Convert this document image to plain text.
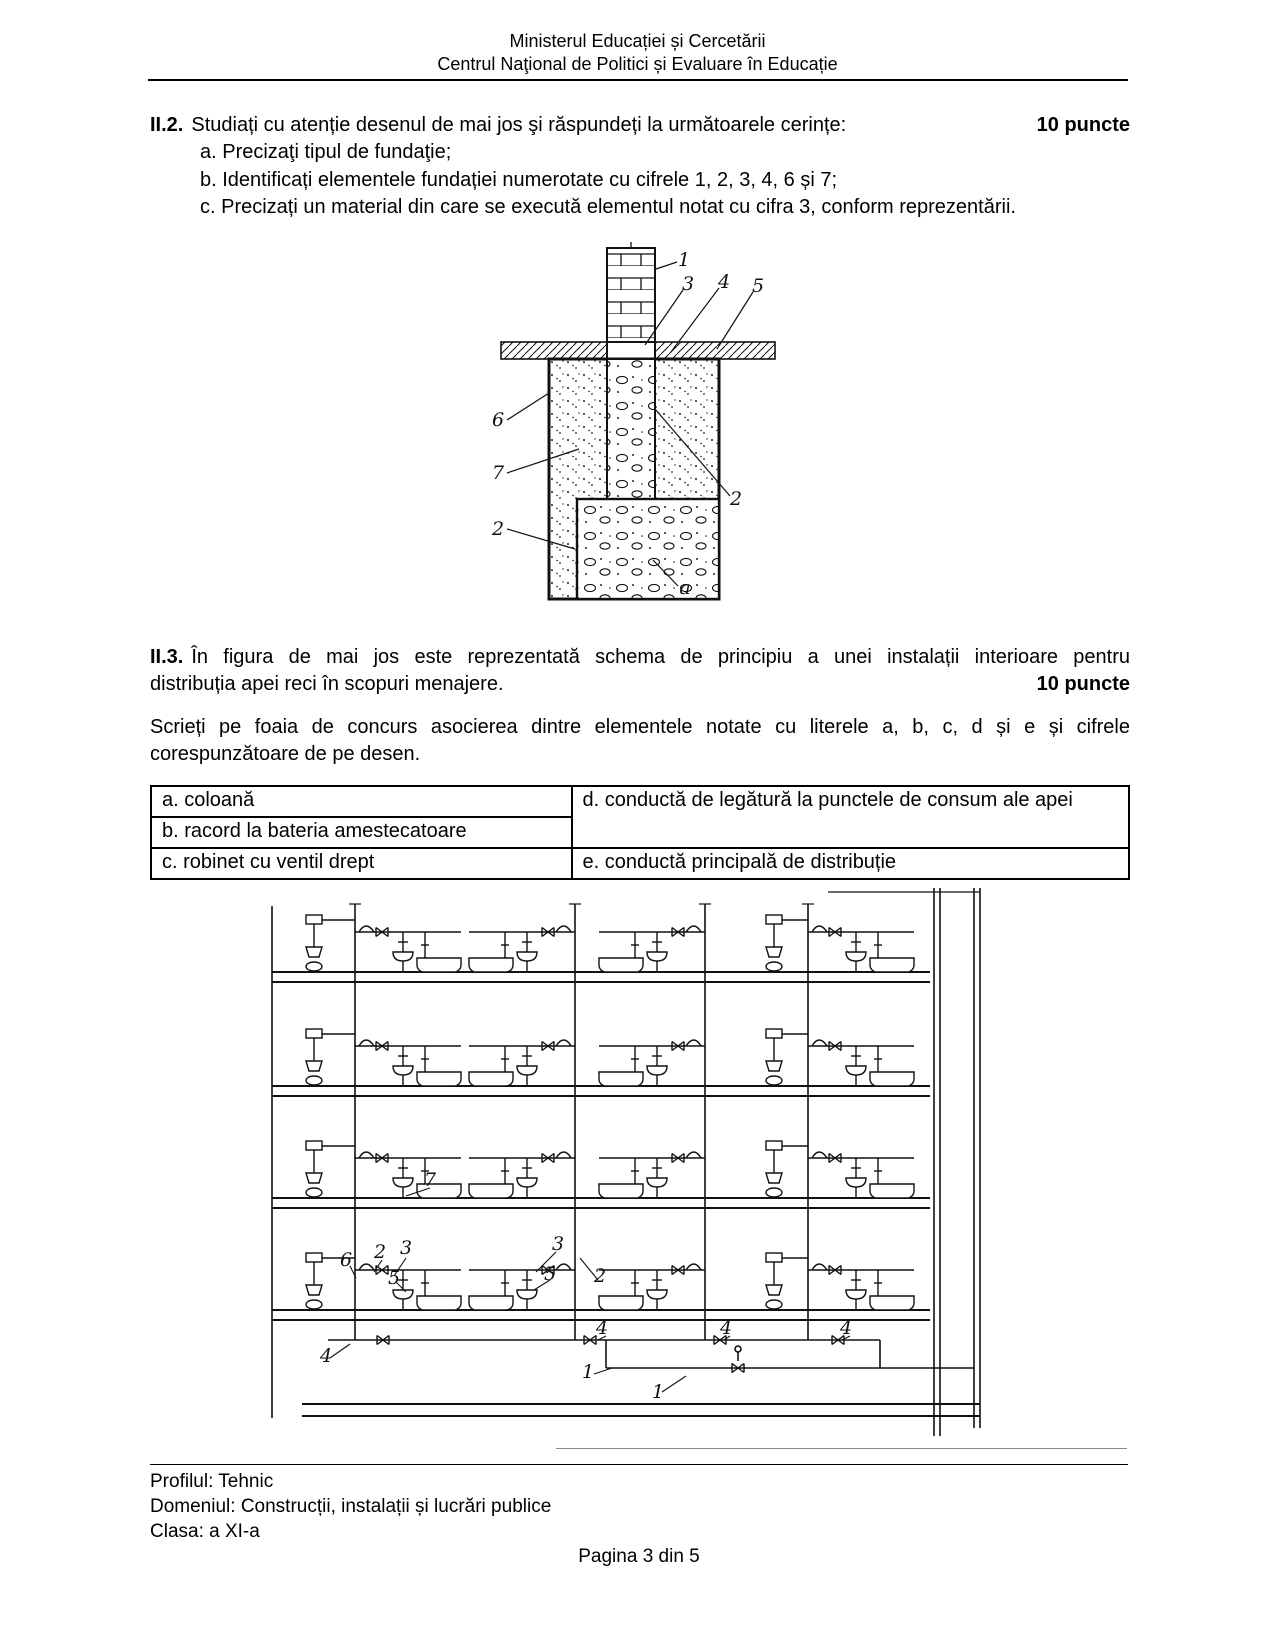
Ministerul Educației și Cercetării
Centrul Naţional de Politici și Evaluare în Educație
II.2. Studiați cu atenție desenul de mai jos şi răspundeți la următoarele cerințe:	10 puncte
a. Precizaţi tipul de fundaţie;
b. Identificați elementele fundației numerotate cu cifrele 1, 2, 3, 4, 6 și 7;
c. Precizați un material din care se execută elementul notat cu cifra 3, conform reprezentării.
1
3 4 5
6
7
2
2
a
II.3. În figura de mai jos este reprezentată schema de principiu a unei instalații interioare pentru
distribuția apei reci în scopuri menajere.	10 puncte
Scrieți pe foaia de concurs asocierea dintre elementele notate cu literele a, b, c, d și e și cifrele
corespunzătoare de pe desen.
a. coloană	d. conductă de legătură la punctele de consum ale apei
b. racord la bateria amestecatoare	
c. robinet cu ventil drept	e. conductă principală de distribuție
7
6 2 3
5
3
5 2
4
4	4	4
1
1
Profilul: Tehnic
Domeniul: Construcții, instalații și lucrări publice
Clasa: a XI-a
Pagina 3 din 5
